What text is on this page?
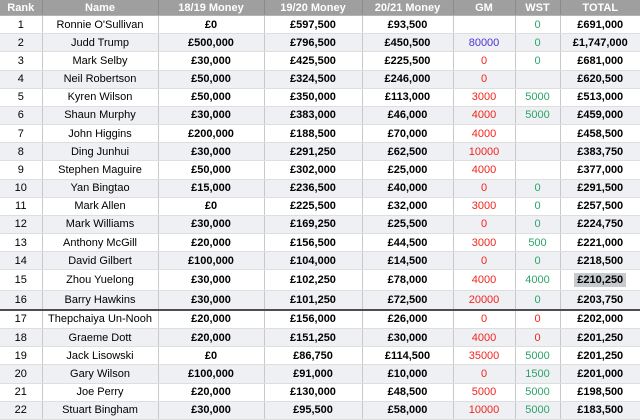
Rank	Name	18/19 Money	19/20 Money	20/21 Money	GM	WST	TOTAL
1	Ronnie O'Sullivan	£0	£597,500	£93,500		0	£691,000
2	Judd Trump	£500,000	£796,500	£450,500	80000	0	£1,747,000
3	Mark Selby	£30,000	£425,500	£225,500	0	0	£681,000
4	Neil Robertson	£50,000	£324,500	£246,000	0		£620,500
5	Kyren Wilson	£50,000	£350,000	£113,000	3000	5000	£513,000
6	Shaun Murphy	£30,000	£383,000	£46,000	4000	5000	£459,000
7	John Higgins	£200,000	£188,500	£70,000	4000		£458,500
8	Ding Junhui	£30,000	£291,250	£62,500	10000		£383,750
9	Stephen Maguire	£50,000	£302,000	£25,000	4000		£377,000
10	Yan Bingtao	£15,000	£236,500	£40,000	0	0	£291,500
11	Mark Allen	£0	£225,500	£32,000	3000	0	£257,500
12	Mark Williams	£30,000	£169,250	£25,500	0	0	£224,750
13	Anthony McGill	£20,000	£156,500	£44,500	3000	500	£221,000
14	David Gilbert	£100,000	£104,000	£14,500	0	0	£218,500
15	Zhou Yuelong	£30,000	£102,250	£78,000	4000	4000	£210,250
16	Barry Hawkins	£30,000	£101,250	£72,500	20000	0	£203,750
17	Thepchaiya Un-Nooh	£20,000	£156,000	£26,000	0	0	£202,000
18	Graeme Dott	£20,000	£151,250	£30,000	4000	0	£201,250
19	Jack Lisowski	£0	£86,750	£114,500	35000	5000	£201,250
20	Gary Wilson	£100,000	£91,000	£10,000	0	1500	£201,000
21	Joe Perry	£20,000	£130,000	£48,500	5000	5000	£198,500
22	Stuart Bingham	£30,000	£95,500	£58,000	10000	5000	£183,500
